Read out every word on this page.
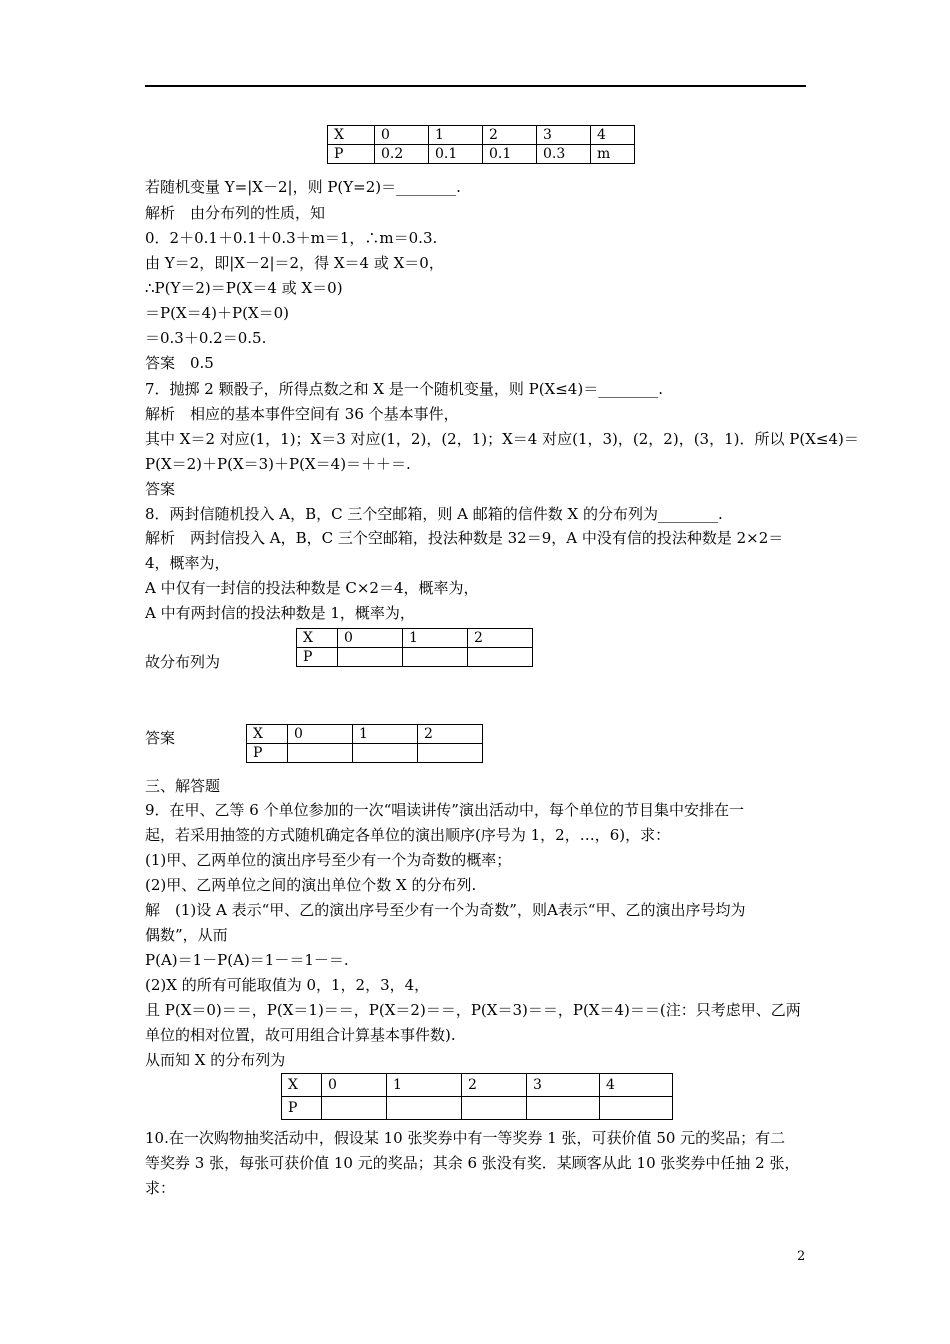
X	0	1	2	3	4
P	0.2	0.1	0.1	0.3	m
若随机变量 Y=|X－2|，则 P(Y=2)＝________.
解析　由分布列的性质，知
0．2＋0.1＋0.1＋0.3＋m＝1，∴m＝0.3.
由 Y＝2，即|X－2|＝2，得 X＝4 或 X＝0，
∴P(Y＝2)＝P(X＝4 或 X＝0)
＝P(X＝4)＋P(X＝0)
＝0.3＋0.2＝0.5.
答案　0.5
7．抛掷 2 颗骰子，所得点数之和 X 是一个随机变量，则 P(X≤4)＝________.
解析　相应的基本事件空间有 36 个基本事件，
其中 X＝2 对应(1，1)；X＝3 对应(1，2)，(2，1)；X＝4 对应(1，3)，(2，2)，(3，1)．所以 P(X≤4)＝
P(X＝2)＋P(X＝3)＋P(X＝4)＝＋＋＝.
答案
8．两封信随机投入 A，B，C 三个空邮箱，则 A 邮箱的信件数 X 的分布列为________.
解析　两封信投入 A，B，C 三个空邮箱，投法种数是 32＝9，A 中没有信的投法种数是 2×2＝
4，概率为，
A 中仅有一封信的投法种数是 C×2＝4，概率为，
A 中有两封信的投法种数是 1，概率为，
X	0	1	2
P			
故分布列为
答案	X	0	1	2
P			
三、解答题
9．在甲、乙等 6 个单位参加的一次“唱读讲传”演出活动中，每个单位的节目集中安排在一
起，若采用抽签的方式随机确定各单位的演出顺序(序号为 1，2，…，6)，求：
(1)甲、乙两单位的演出序号至少有一个为奇数的概率；
(2)甲、乙两单位之间的演出单位个数 X 的分布列.
解　(1)设 A 表示“甲、乙的演出序号至少有一个为奇数”，则A表示“甲、乙的演出序号均为
偶数”，从而
P(A)＝1－P(A)＝1－＝1－＝.
(2)X 的所有可能取值为 0，1，2，3，4，
且 P(X＝0)＝＝，P(X＝1)＝＝，P(X＝2)＝＝，P(X＝3)＝＝，P(X＝4)＝＝(注：只考虑甲、乙两
单位的相对位置，故可用组合计算基本事件数).
从而知 X 的分布列为
X	0	1	2	3	4
P					
10.在一次购物抽奖活动中，假设某 10 张奖券中有一等奖券 1 张，可获价值 50 元的奖品；有二
等奖券 3 张，每张可获价值 10 元的奖品；其余 6 张没有奖．某顾客从此 10 张奖券中任抽 2 张，
求：
2
